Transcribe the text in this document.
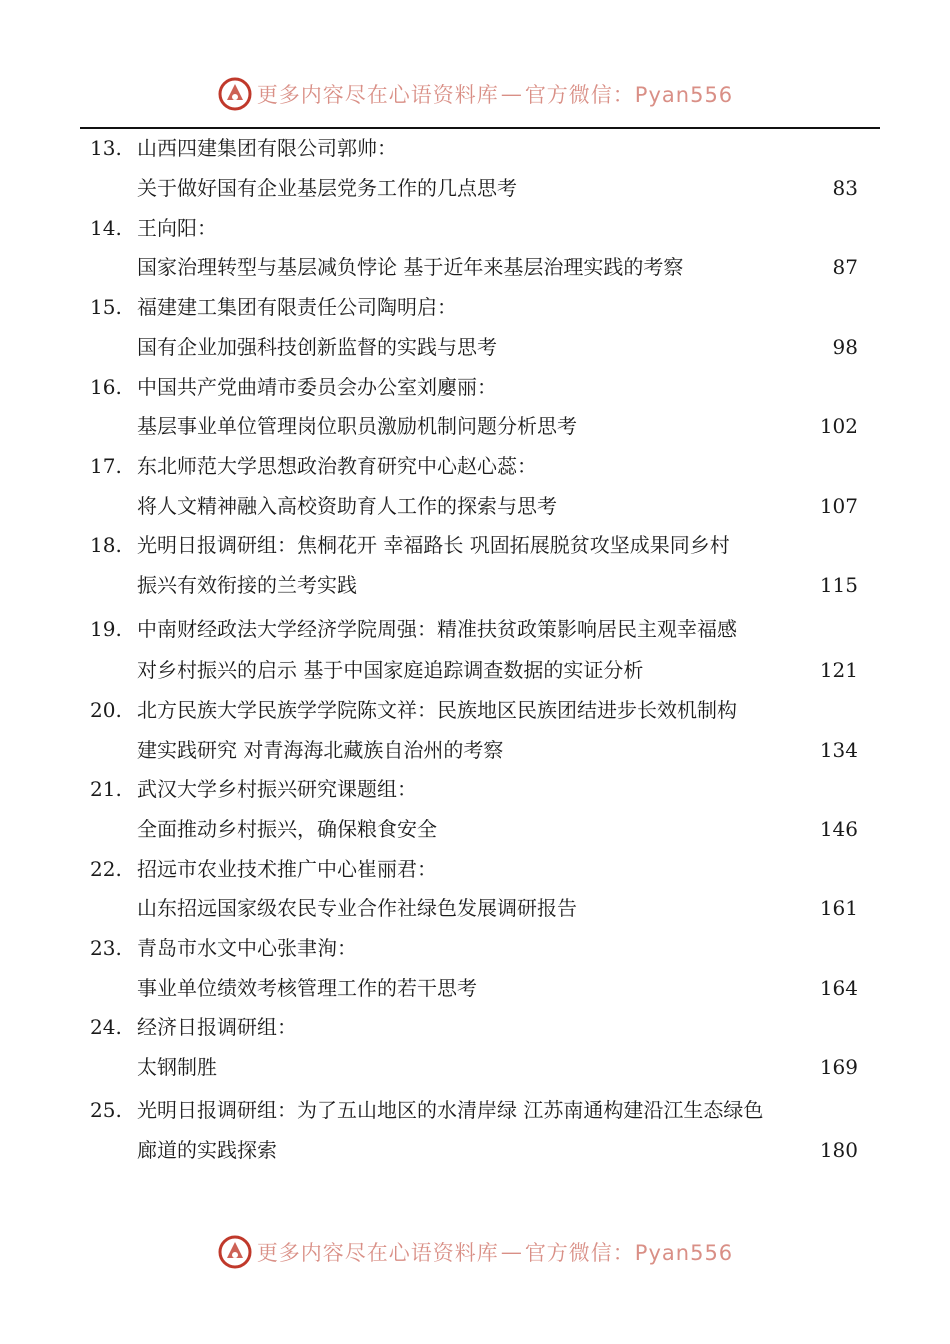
更多内容尽在心语资料库 — 官方微信：Pyan556
13. 山西四建集团有限公司郭帅：
关于做好国有企业基层党务工作的几点思考	83
14. 王向阳：
国家治理转型与基层减负悖论 基于近年来基层治理实践的考察	87
15. 福建建工集团有限责任公司陶明启：
国有企业加强科技创新监督的实践与思考	98
16. 中国共产党曲靖市委员会办公室刘廮丽：
基层事业单位管理岗位职员激励机制问题分析思考	102
17. 东北师范大学思想政治教育研究中心赵心蕊：
将人文精神融入高校资助育人工作的探索与思考	107
18. 光明日报调研组：焦桐花开 幸福路长 巩固拓展脱贫攻坚成果同乡村
振兴有效衔接的兰考实践	115
19. 中南财经政法大学经济学院周强：精准扶贫政策影响居民主观幸福感
对乡村振兴的启示 基于中国家庭追踪调查数据的实证分析	121
20. 北方民族大学民族学学院陈文祥：民族地区民族团结进步长效机制构
建实践研究 对青海海北藏族自治州的考察	134
21. 武汉大学乡村振兴研究课题组：
全面推动乡村振兴，确保粮食安全	146
22. 招远市农业技术推广中心崔丽君：
山东招远国家级农民专业合作社绿色发展调研报告	161
23. 青岛市水文中心张聿洵：
事业单位绩效考核管理工作的若干思考	164
24. 经济日报调研组：
太钢制胜	169
25. 光明日报调研组：为了五山地区的水清岸绿 江苏南通构建沿江生态绿色
廊道的实践探索	180
更多内容尽在心语资料库 — 官方微信：Pyan556
